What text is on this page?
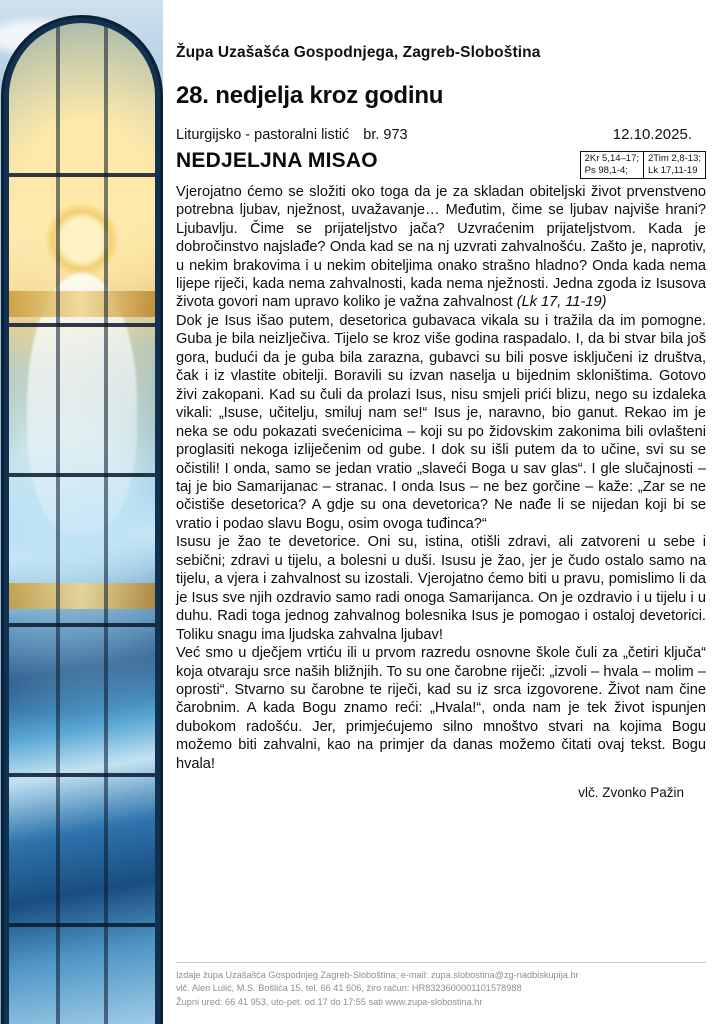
Župa Uzašašća Gospodnjega, Zagreb-Sloboština
28. nedjelja kroz godinu
Liturgijsko - pastoralni listić br. 973	12.10.2025.
NEDJELJNA MISAO	2Kr 5,14–17;
Ps 98,1-4;
2Tim 2,8-13;
Lk 17,11-19

Vjerojatno ćemo se složiti oko toga da je za skladan obiteljski život prvenstveno potrebna ljubav, nježnost, uvažavanje… Međutim, čime se ljubav najviše hrani? Ljubavlju. Čime se prijateljstvo jača? Uzvraćenim prijateljstvom. Kada je dobročinstvo najslađe? Onda kad se na nj uzvrati zahvalnošću. Zašto je, naprotiv, u nekim brakovima i u nekim obiteljima onako strašno hladno? Onda kada nema lijepe riječi, kada nema zahvalnosti, kada nema nježnosti. Jedna zgoda iz Isusova života govori nam upravo koliko je važna zahvalnost (Lk 17, 11-19)

Dok je Isus išao putem, desetorica gubavaca vikala su i tražila da im pomogne. Guba je bila neizlječiva. Tijelo se kroz više godina raspadalo. I, da bi stvar bila još gora, budući da je guba bila zarazna, gubavci su bili posve isključeni iz društva, čak i iz vlastite obitelji. Boravili su izvan naselja u bijednim skloništima. Gotovo živi zakopani. Kad su čuli da prolazi Isus, nisu smjeli prići blizu, nego su izdaleka vikali: „Isuse, učitelju, smiluj nam se!“ Isus je, naravno, bio ganut. Rekao im je neka se odu pokazati svećenicima – koji su po židovskim zakonima bili ovlašteni proglasiti nekoga izliječenim od gube. I dok su išli putem da to učine, svi su se očistili! I onda, samo se jedan vratio „slaveći Boga u sav glas“. I gle slučajnosti – taj je bio Samarijanac – stranac. I onda Isus – ne bez gorčine – kaže: „Zar se ne očistiše desetorica? A gdje su ona devetorica? Ne nađe li se nijedan koji bi se vratio i podao slavu Bogu, osim ovoga tuđinca?“

Isusu je žao te devetorice. Oni su, istina, otišli zdravi, ali zatvoreni u sebe i sebični; zdravi u tijelu, a bolesni u duši. Isusu je žao, jer je čudo ostalo samo na tijelu, a vjera i zahvalnost su izostali. Vjerojatno ćemo biti u pravu, pomislimo li da je Isus sve njih ozdravio samo radi onoga Samarijanca. On je ozdravio i u tijelu i u duhu. Radi toga jednog zahvalnog bolesnika Isus je pomogao i ostaloj devetorici. Toliku snagu ima ljudska zahvalna ljubav!

Već smo u dječjem vrtiću ili u prvom razredu osnovne škole čuli za „četiri ključa“ koja otvaraju srce naših bližnjih. To su one čarobne riječi: „izvoli – hvala – molim – oprosti“. Stvarno su čarobne te riječi, kad su iz srca izgovorene. Život nam čine čarobnim. A kada Bogu znamo reći: „Hvala!“, onda nam je tek život ispunjen dubokom radošću. Jer, primjećujemo silno mnoštvo stvari na kojima Bogu možemo biti zahvalni, kao na primjer da danas možemo čitati ovaj tekst. Bogu hvala!

vlč. Zvonko Pažin
Izdaje župa Uzašašća Gospodnjeg Zagreb-Sloboština; e-mail: zupa.slobostina@zg-nadbiskupija.hr
vlč. Alen Lulić, M.S. Bošlića 15, tel. 66 41 606, žiro račun: HR8323600001101578988
Župni ured: 66 41 953, uto-pet. od 17 do 17:55 sati www.zupa-slobostina.hr
